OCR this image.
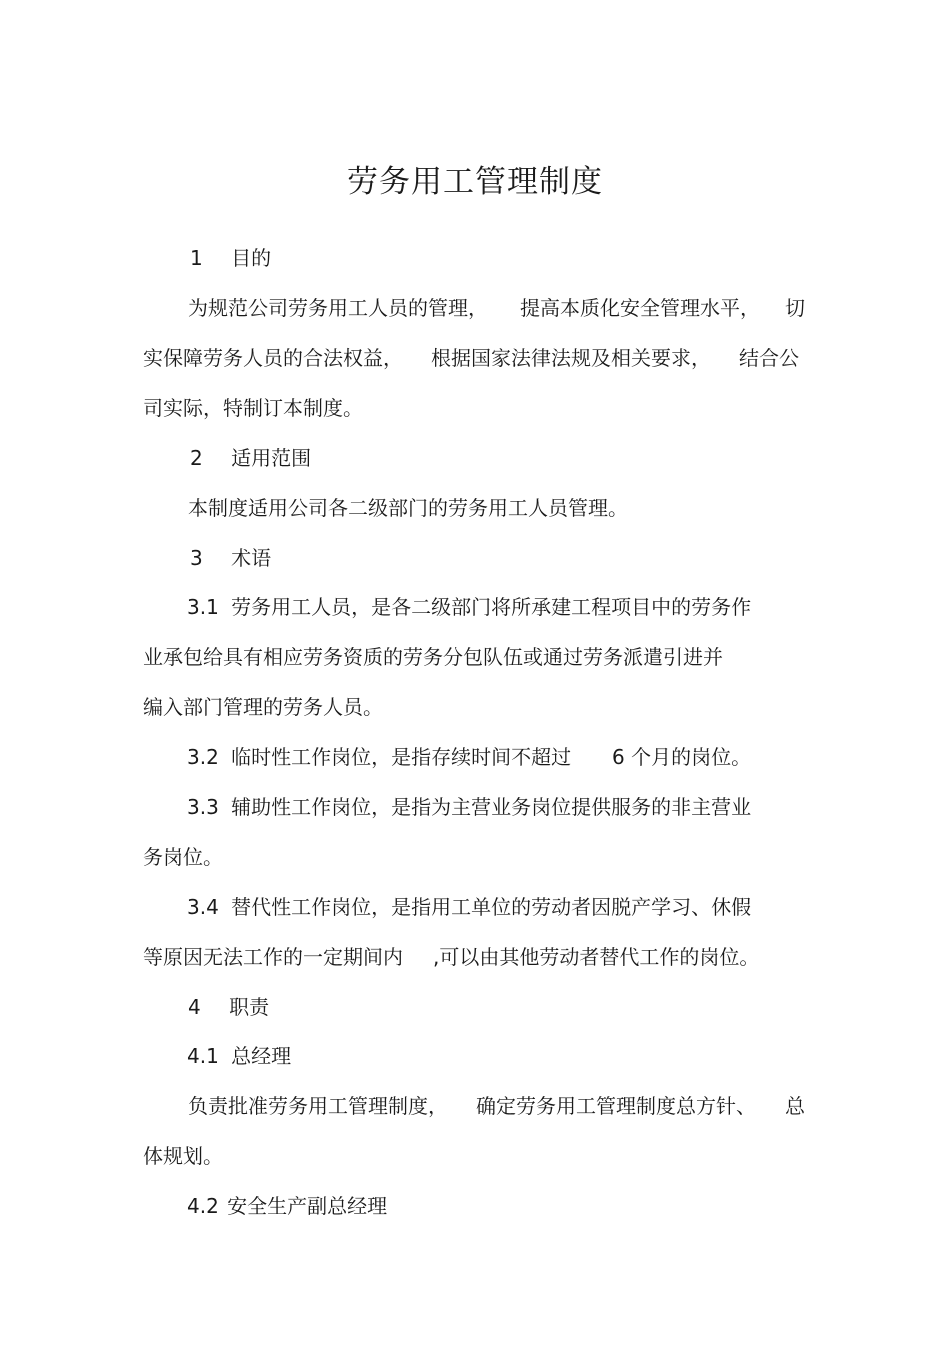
劳务用工管理制度
1 目的
为规范公司劳务用工人员的管理， 提高本质化安全管理水平， 切
实保障劳务人员的合法权益， 根据国家法律法规及相关要求， 结合公
司实际，特制订本制度。
2 适用范围
本制度适用公司各二级部门的劳务用工人员管理。
3 术语
3.1 劳务用工人员，是各二级部门将所承建工程项目中的劳务作
业承包给具有相应劳务资质的劳务分包队伍或通过劳务派遣引进并
编入部门管理的劳务人员。
3.2 临时性工作岗位，是指存续时间不超过 6 个月的岗位。
3.3 辅助性工作岗位，是指为主营业务岗位提供服务的非主营业
务岗位。
3.4 替代性工作岗位，是指用工单位的劳动者因脱产学习、休假
等原因无法工作的一定期间内 ,可以由其他劳动者替代工作的岗位。
4 职责
4.1 总经理
负责批准劳务用工管理制度， 确定劳务用工管理制度总方针、 总
体规划。
4.2 安全生产副总经理
